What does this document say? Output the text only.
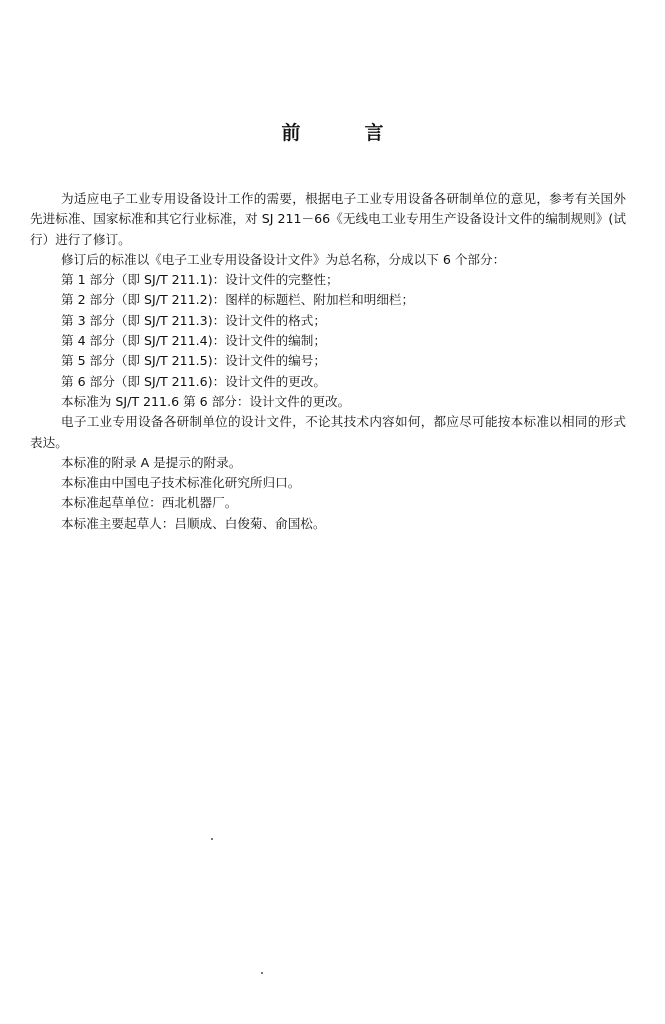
前言

为适应电子工业专用设备设计工作的需要，根据电子工业专用设备各研制单位的意见，参考有关国外先进标准、国家标准和其它行业标准，对 SJ 211－66《无线电工业专用生产设备设计文件的编制规则》(试行）进行了修订。

修订后的标准以《电子工业专用设备设计文件》为总名称，分成以下 6 个部分：

第 1 部分（即 SJ/T 211.1)：设计文件的完整性；

第 2 部分（即 SJ/T 211.2)：图样的标题栏、附加栏和明细栏；

第 3 部分（即 SJ/T 211.3)：设计文件的格式；

第 4 部分（即 SJ/T 211.4)：设计文件的编制；

第 5 部分（即 SJ/T 211.5)：设计文件的编号；

第 6 部分（即 SJ/T 211.6)：设计文件的更改。

本标准为 SJ/T 211.6 第 6 部分：设计文件的更改。

电子工业专用设备各研制单位的设计文件，不论其技术内容如何，都应尽可能按本标准以相同的形式表达。

本标准的附录 A 是提示的附录。

本标准由中国电子技术标准化研究所归口。

本标准起草单位：西北机器厂。

本标准主要起草人：吕顺成、白俊菊、俞国松。
